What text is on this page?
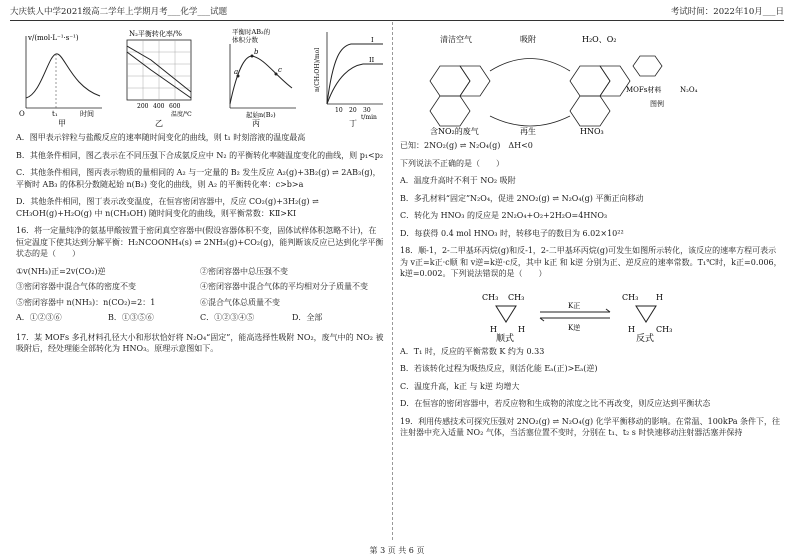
大庆铁人中学2021级高二学年上学期月考___化学___试题	考试时间：2022年10月___日
v/(mol·L⁻¹·s⁻¹)
O	t₁	时间
甲
N₂平衡转化率/%
200 400 600
温度/℃
乙
平衡时AB₃的
体积分数
a
b
c
起始n(B₂)
丙
n(CH₃OH)/mol
I
II
10 20 30
t/min
丁

A．图甲表示锌粒与盐酸反应的速率随时间变化的曲线，则 t₁ 时刻溶液的温度最高

B．其他条件相同，图乙表示在不同压强下合成氨反应中 N₂ 的平衡转化率随温度变化的曲线，则 p₁<p₂

C．其他条件相同，图丙表示物质的量相同的 A₂ 与一定量的 B₂ 发生反应 A₂(g)+3B₂(g) ⇌ 2AB₃(g)，平衡时 AB₃ 的体积分数随起始 n(B₂) 变化的曲线，则 A₂ 的平衡转化率：c>b>a

D．其他条件相同，图丁表示改变温度，在恒容密闭容器中，反应 CO₂(g)+3H₂(g) ⇌ CH₃OH(g)+H₂O(g) 中 n(CH₃OH) 随时间变化的曲线，则平衡常数：KⅡ>KⅠ

16．将一定量纯净的氨基甲酸铵置于密闭真空容器中(假设容器体积不变，固体试样体积忽略不计)，在恒定温度下使其达到分解平衡：H₂NCOONH₄(s) ⇌ 2NH₃(g)+CO₂(g)，能判断该反应已达到化学平衡状态的是（　　）

①v(NH₃)正=2v(CO₂)逆	②密闭容器中总压强不变
③密闭容器中混合气体的密度不变	④密闭容器中混合气体的平均相对分子质量不变
⑤密闭容器中 n(NH₃)：n(CO₂)=2：1	⑥混合气体总质量不变
A．①②③⑥	B．①③⑤⑥	C．①②③④⑤	D．全部

17．某 MOFs 多孔材料孔径大小和形状恰好将 N₂O₄“固定”，能高选择性吸附 NO₂，废气中的 NO₂ 被吸附后，经处理能全部转化为 HNO₃。原理示意图如下。

清洁空气	吸附	H₂O、O₂
含NO₂的废气	再生	HNO₃
MOFs材料	N₂O₄
图例

已知：2NO₂(g) ⇌ N₂O₄(g)　ΔH<0

下列说法不正确的是（　　）

A．温度升高时不利于 NO₂ 吸附

B．多孔材料“固定”N₂O₄，促进 2NO₂(g) ⇌ N₂O₄(g) 平衡正向移动

C．转化为 HNO₃ 的反应是 2N₂O₄+O₂+2H₂O=4HNO₃

D．每获得 0.4 mol HNO₃ 时，转移电子的数目为 6.02×10²²

18．顺-1，2-二甲基环丙烷(g)和反-1，2-二甲基环丙烷(g)可发生如图所示转化，该反应的速率方程可表示为 v正=k正·c顺 和 v逆=k逆·c反，其中 k正 和 k逆 分别为正、逆反应的速率常数。T₁℃时，k正=0.006，k逆=0.002。下列说法错误的是（　　）

CH₃ CH₃
H	H
顺式
K正
K逆
CH₃ H
H	CH₃
反式

A．T₁ 时，反应的平衡常数 K 约为 0.33

B．若该转化过程为吸热反应，则活化能 Eₐ(正)>Eₐ(逆)

C．温度升高，k正 与 k逆 均增大

D．在恒容的密闭容器中，若反应物和生成物的浓度之比不再改变，则反应达到平衡状态

19．利用传感技术可探究压强对 2NO₂(g) ⇌ N₂O₄(g) 化学平衡移动的影响。在常温、100kPa 条件下，往注射器中充入适量 NO₂ 气体，当活塞位置不变时，分别在 t₁、t₂ s 时快速移动注射器活塞并保持

第 3 页 共 6 页
